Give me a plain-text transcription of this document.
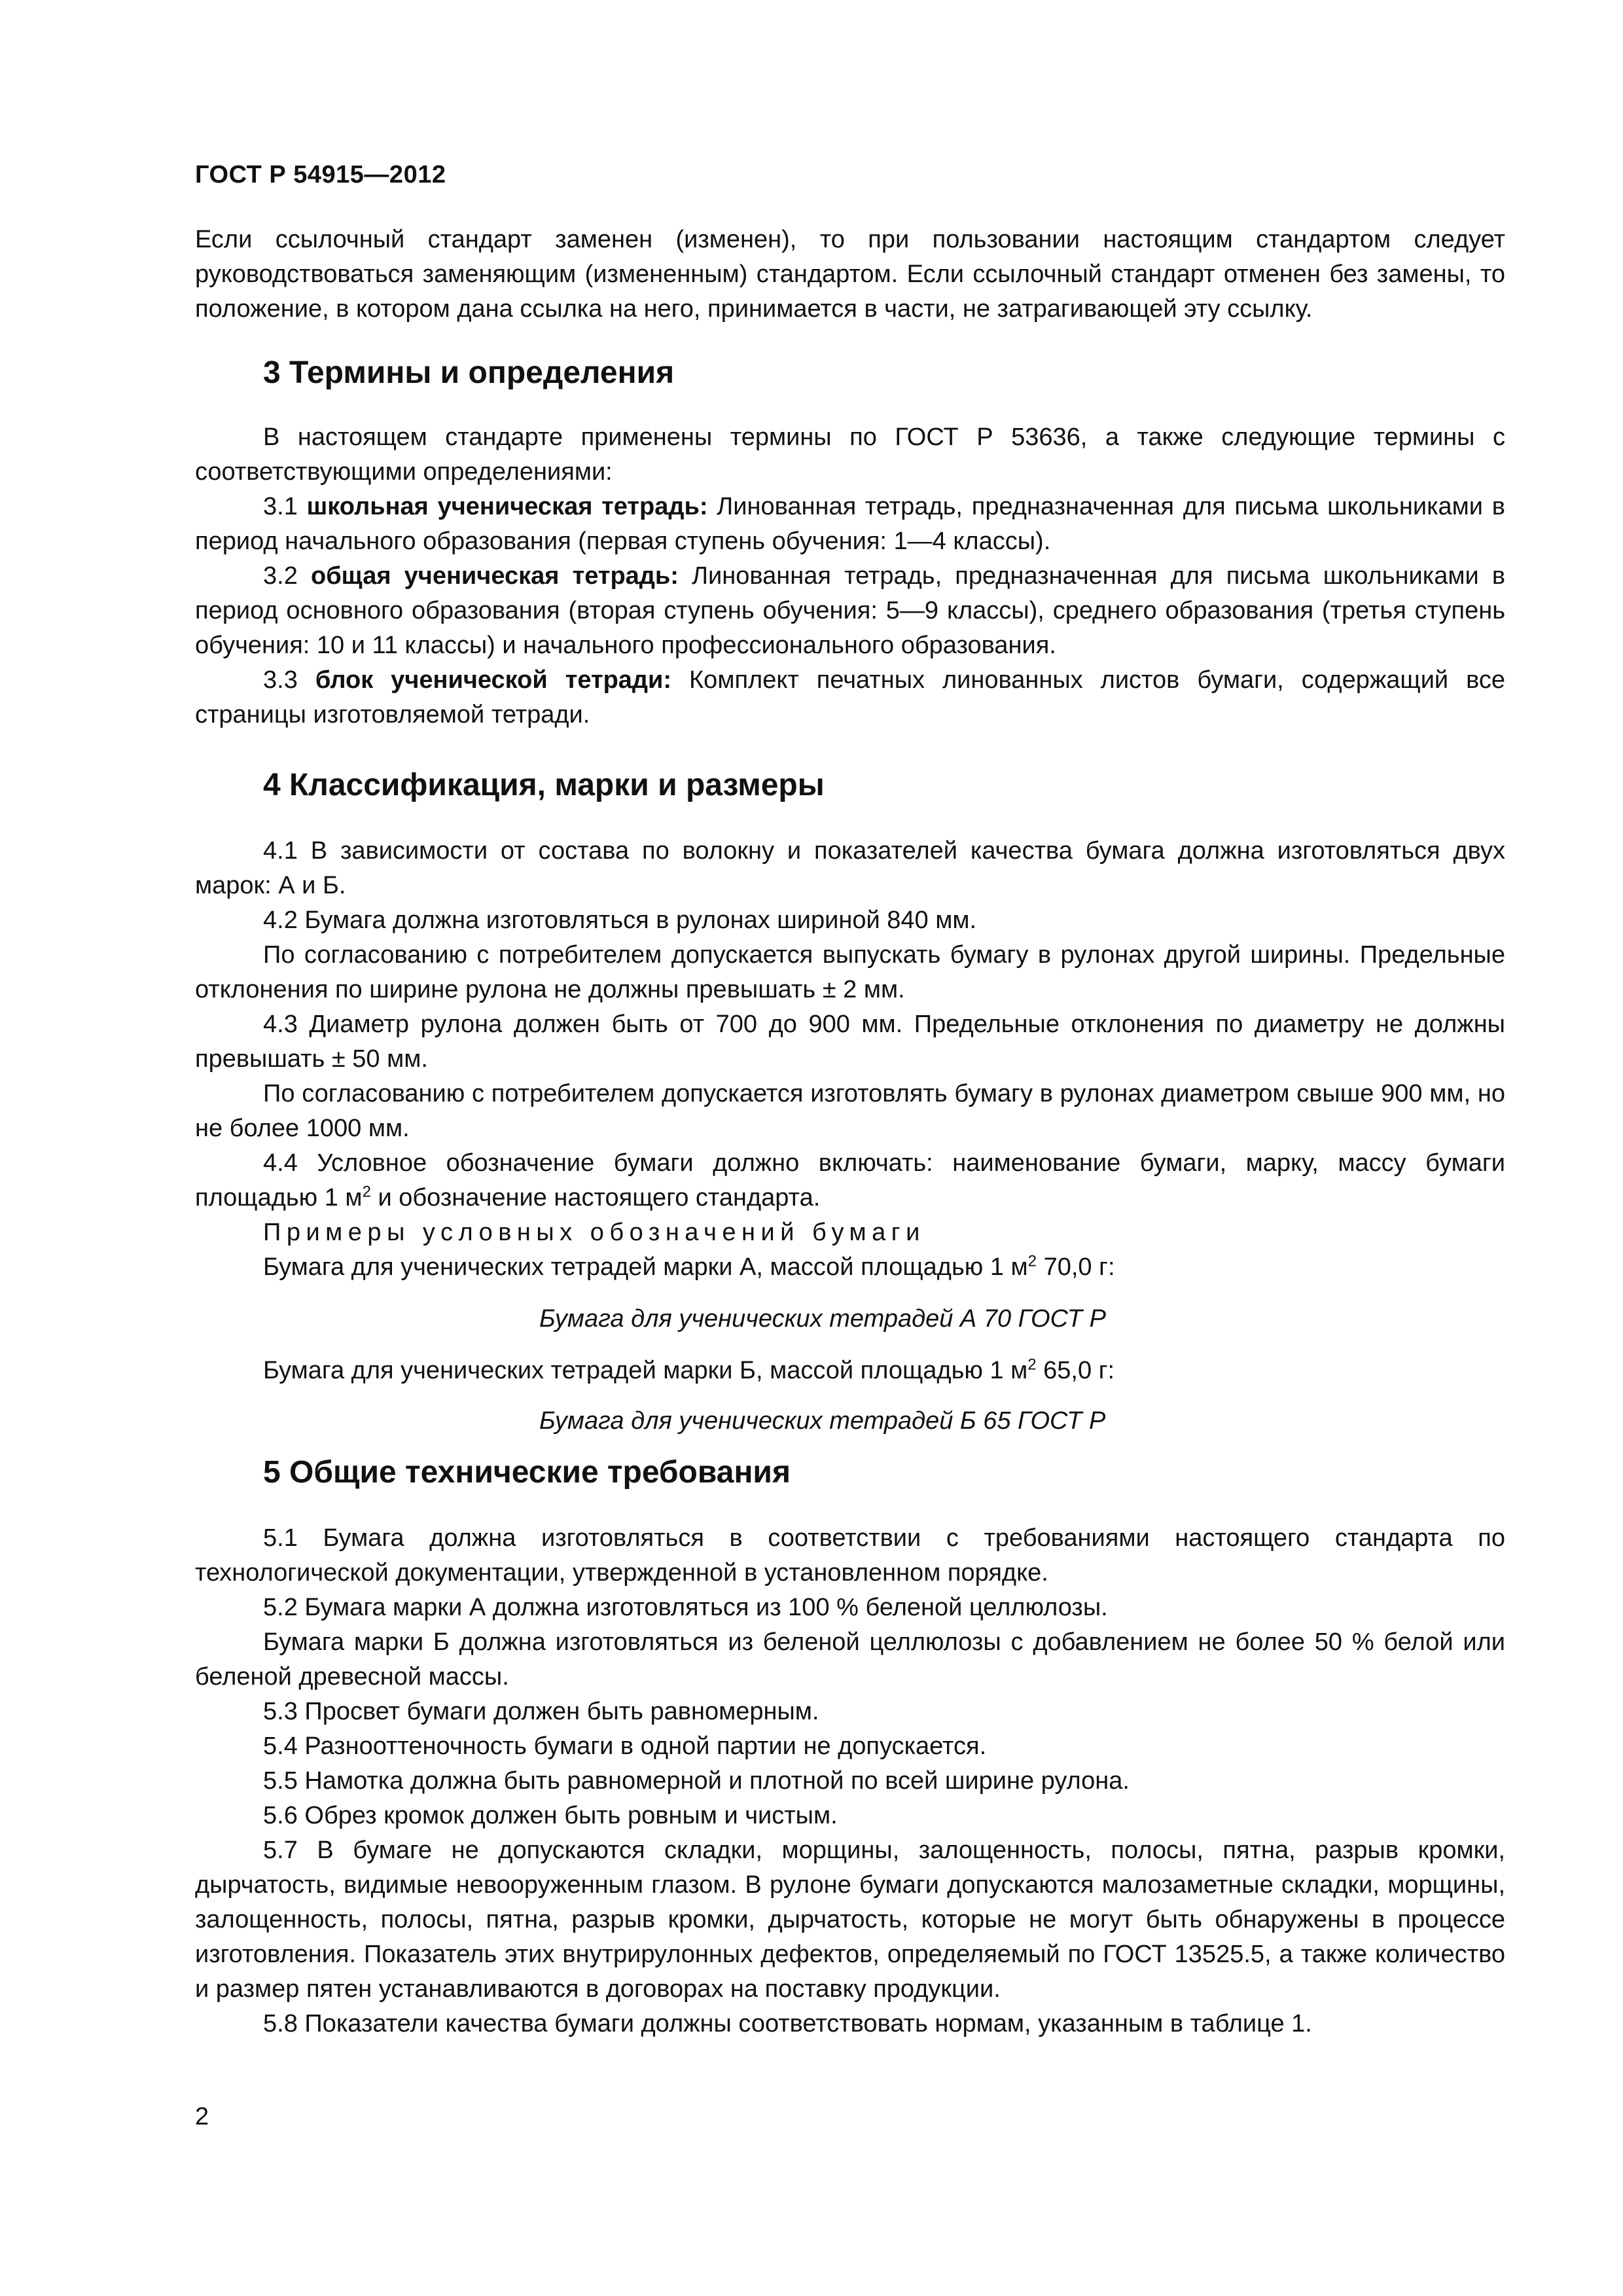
ГОСТ Р 54915—2012
Если ссылочный стандарт заменен (изменен), то при пользовании настоящим стандартом следует руководствоваться заменяющим (измененным) стандартом. Если ссылочный стандарт отменен без замены, то положение, в котором дана ссылка на него, принимается в части, не затрагивающей эту ссылку.
3 Термины и определения
В настоящем стандарте применены термины по ГОСТ Р 53636, а также следующие термины с соответствующими определениями:
3.1 школьная ученическая тетрадь: Линованная тетрадь, предназначенная для письма школьниками в период начального образования (первая ступень обучения: 1—4 классы).
3.2 общая ученическая тетрадь: Линованная тетрадь, предназначенная для письма школьниками в период основного образования (вторая ступень обучения: 5—9 классы), среднего образования (третья ступень обучения: 10 и 11 классы) и начального профессионального образования.
3.3 блок ученической тетради: Комплект печатных линованных листов бумаги, содержащий все страницы изготовляемой тетради.
4 Классификация, марки и размеры
4.1 В зависимости от состава по волокну и показателей качества бумага должна изготовляться двух марок: А и Б.
4.2 Бумага должна изготовляться в рулонах шириной 840 мм.
По согласованию с потребителем допускается выпускать бумагу в рулонах другой ширины. Предельные отклонения по ширине рулона не должны превышать ± 2 мм.
4.3 Диаметр рулона должен быть от 700 до 900 мм. Предельные отклонения по диаметру не должны превышать ± 50 мм.
По согласованию с потребителем допускается изготовлять бумагу в рулонах диаметром свыше 900 мм, но не более 1000 мм.
4.4 Условное обозначение бумаги должно включать: наименование бумаги, марку, массу бумаги площадью 1 $м^2$ и обозначение настоящего стандарта.
Примеры условных обозначений бумаги
Бумага для ученических тетрадей марки А, массой площадью 1 $м^2$ 70,0 г:
Бумага для ученических тетрадей А 70 ГОСТ Р
Бумага для ученических тетрадей марки Б, массой площадью 1 $м^2$ 65,0 г:
Бумага для ученических тетрадей Б 65 ГОСТ Р
5 Общие технические требования
5.1 Бумага должна изготовляться в соответствии с требованиями настоящего стандарта по технологической документации, утвержденной в установленном порядке.
5.2 Бумага марки А должна изготовляться из 100 % беленой целлюлозы.
Бумага марки Б должна изготовляться из беленой целлюлозы с добавлением не более 50 % белой или беленой древесной массы.
5.3 Просвет бумаги должен быть равномерным.
5.4 Разнооттеночность бумаги в одной партии не допускается.
5.5 Намотка должна быть равномерной и плотной по всей ширине рулона.
5.6 Обрез кромок должен быть ровным и чистым.
5.7 В бумаге не допускаются складки, морщины, залощенность, полосы, пятна, разрыв кромки, дырчатость, видимые невооруженным глазом. В рулоне бумаги допускаются малозаметные складки, морщины, залощенность, полосы, пятна, разрыв кромки, дырчатость, которые не могут быть обнаружены в процессе изготовления. Показатель этих внутрирулонных дефектов, определяемый по ГОСТ 13525.5, а также количество и размер пятен устанавливаются в договорах на поставку продукции.
5.8 Показатели качества бумаги должны соответствовать нормам, указанным в таблице 1.
2
